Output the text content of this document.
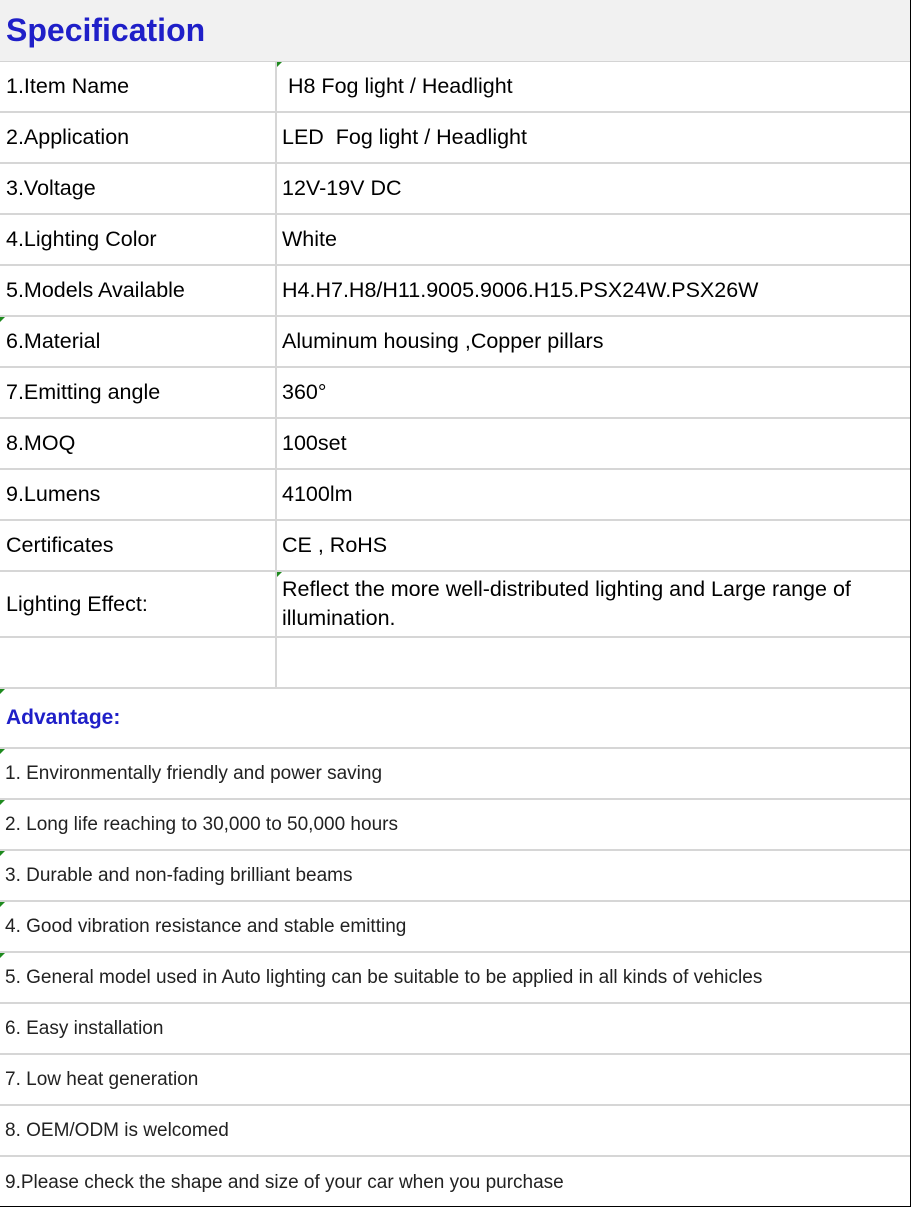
Specification
1.Item Name	H8 Fog light / Headlight
2.Application	LED  Fog light / Headlight
3.Voltage	12V-19V DC
4.Lighting Color	White
5.Models Available	H4.H7.H8/H11.9005.9006.H15.PSX24W.PSX26W
6.Material	Aluminum housing ,Copper pillars
7.Emitting angle	360°
8.MOQ	100set
9.Lumens	4100lm
Certificates	CE , RoHS
Lighting Effect:
Reflect the more well-distributed lighting and Large range of illumination.
Advantage:
1. Environmentally friendly and power saving
2. Long life reaching to 30,000 to 50,000 hours
3. Durable and non-fading brilliant beams
4. Good vibration resistance and stable emitting
5. General model used in Auto lighting can be suitable to be applied in all kinds of vehicles
6. Easy installation
7. Low heat generation
8. OEM/ODM is welcomed
9.Please check the shape and size of your car when you purchase
